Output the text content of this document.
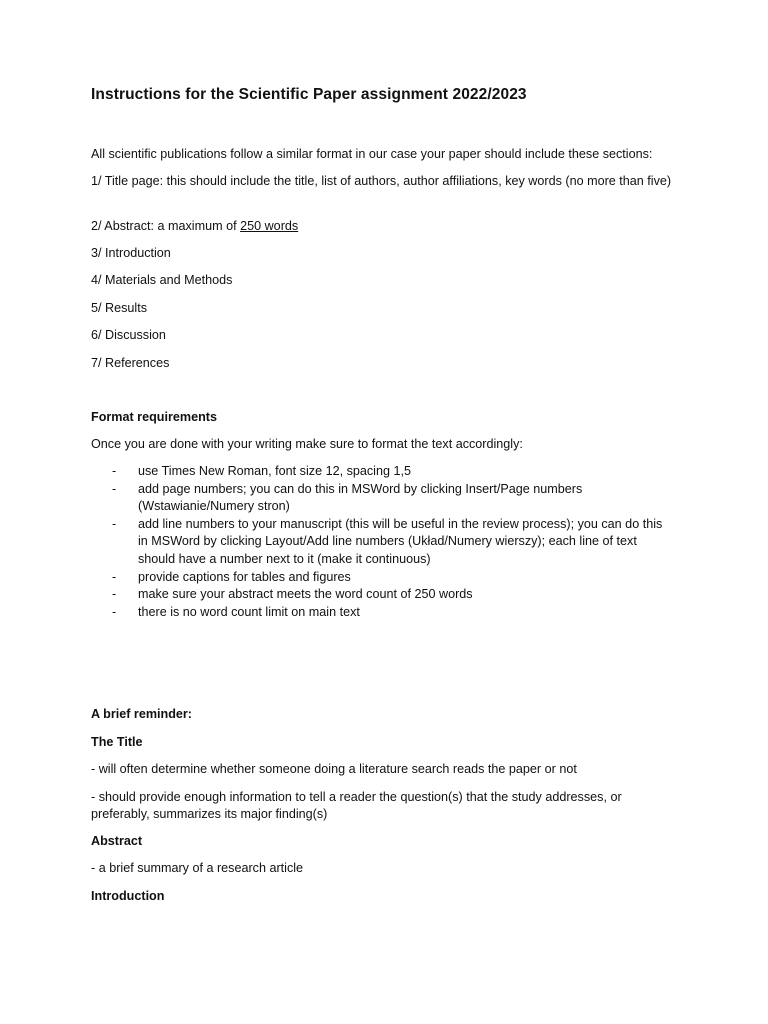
Instructions for the Scientific Paper assignment 2022/2023

All scientific publications follow a similar format in our case your paper should include these sections:

1/ Title page: this should include the title, list of authors, author affiliations, key words (no more than five)

2/ Abstract: a maximum of 250 words

3/ Introduction

4/ Materials and Methods

5/ Results

6/ Discussion

7/ References

Format requirements

Once you are done with your writing make sure to format the text accordingly:

- use Times New Roman, font size 12, spacing 1,5
- add page numbers; you can do this in MSWord by clicking Insert/Page numbers (Wstawianie/Numery stron)
- add line numbers to your manuscript (this will be useful in the review process); you can do this in MSWord by clicking Layout/Add line numbers (Układ/Numery wierszy); each line of text should have a number next to it (make it continuous)
- provide captions for tables and figures
- make sure your abstract meets the word count of 250 words
- there is no word count limit on main text

A brief reminder:

The Title

- will often determine whether someone doing a literature search reads the paper or not

- should provide enough information to tell a reader the question(s) that the study addresses, or preferably, summarizes its major finding(s)

Abstract

- a brief summary of a research article

Introduction
